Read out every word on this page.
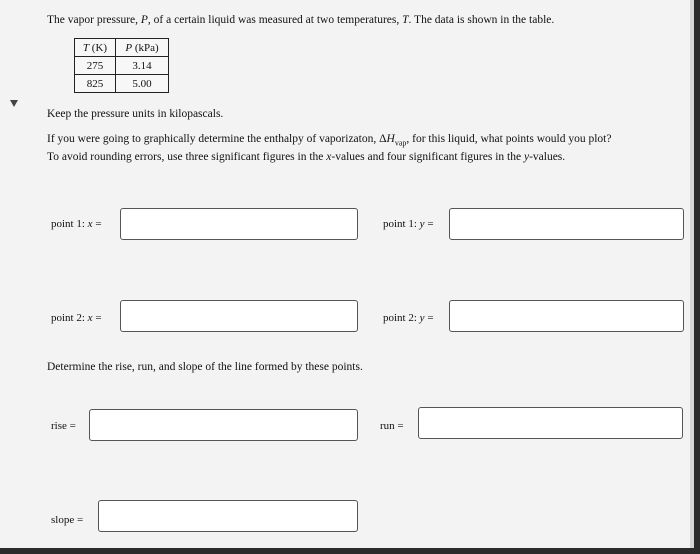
The vapor pressure, P, of a certain liquid was measured at two temperatures, T. The data is shown in the table.
T (K)	P (kPa)
275	3.14
825	5.00
Keep the pressure units in kilopascals.
If you were going to graphically determine the enthalpy of vaporizaton, $\Delta H_{vap}$, for this liquid, what points would you plot?
To avoid rounding errors, use three significant figures in the x-values and four significant figures in the y-values.
point 1: x =	point 1: y =
point 2: x =	point 2: y =
Determine the rise, run, and slope of the line formed by these points.
rise =	run =
slope =
